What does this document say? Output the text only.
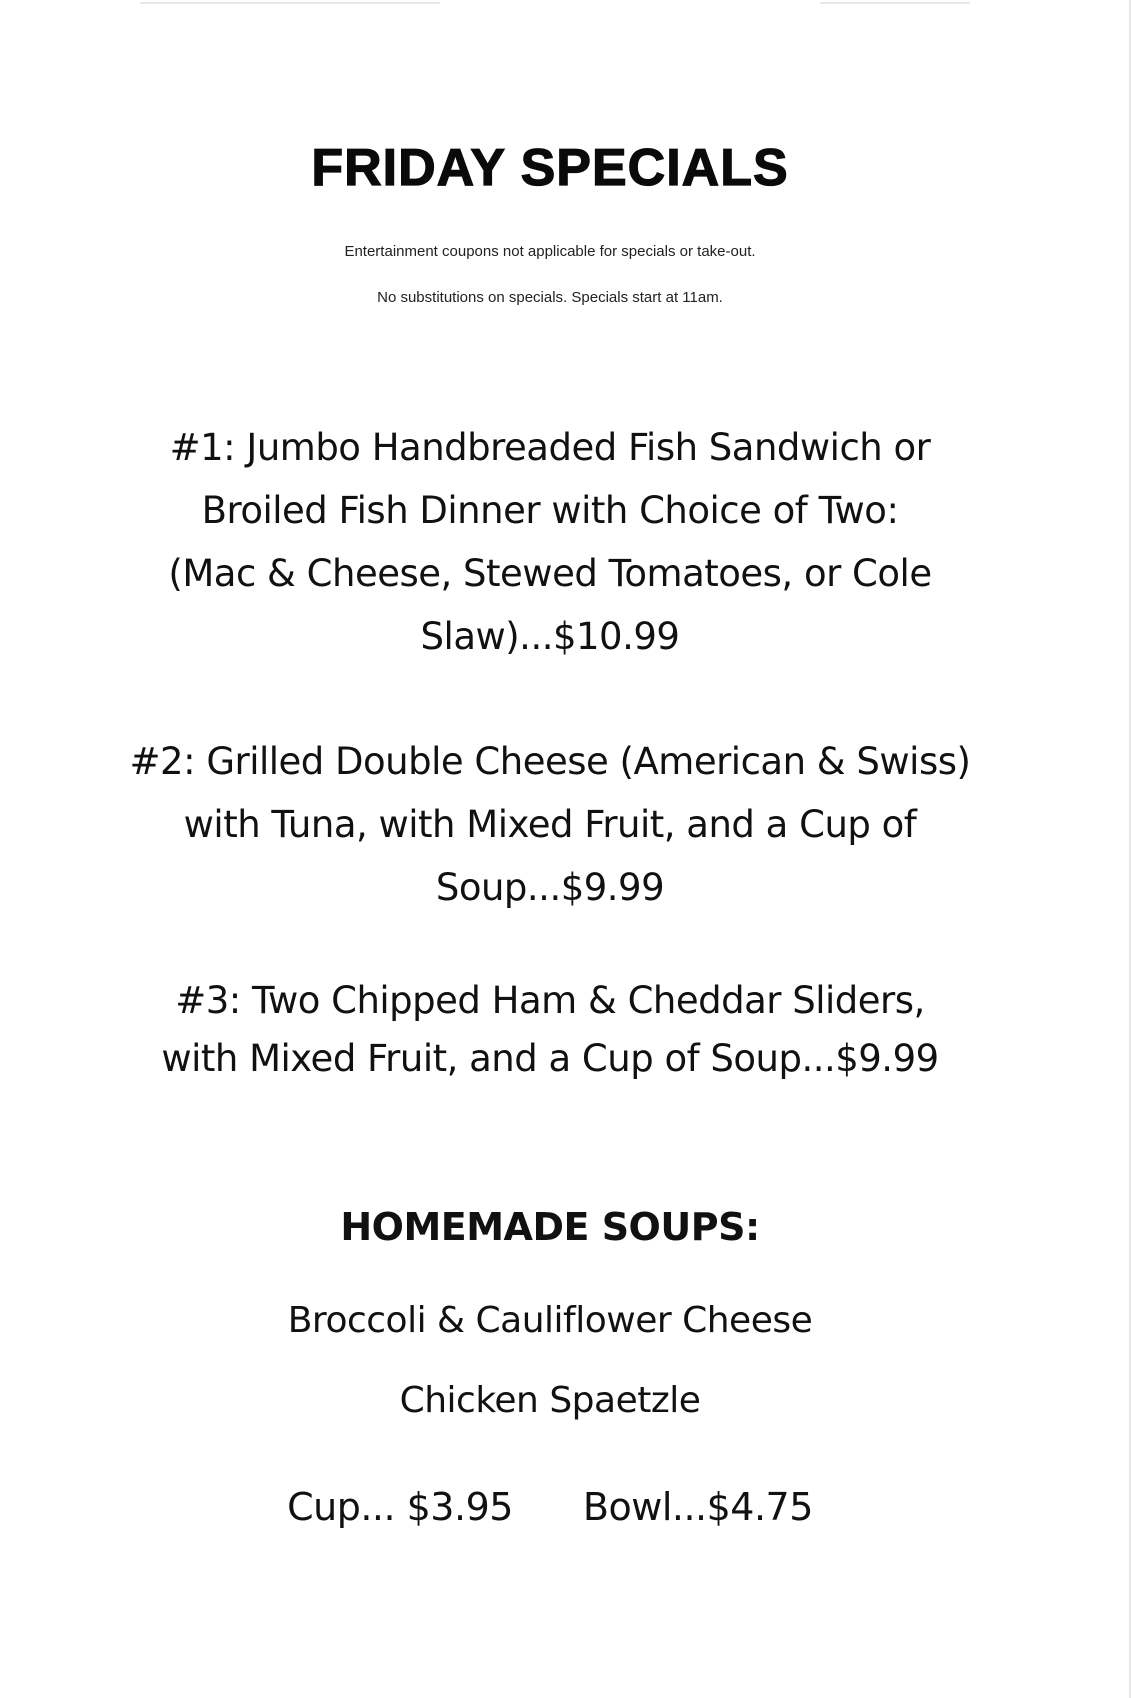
FRIDAY SPECIALS
Entertainment coupons not applicable for specials or take-out.
No substitutions on specials. Specials start at 11am.
#1: Jumbo Handbreaded Fish Sandwich or
Broiled Fish Dinner with Choice of Two:
(Mac & Cheese, Stewed Tomatoes, or Cole
Slaw)...$10.99
#2: Grilled Double Cheese (American & Swiss)
with Tuna, with Mixed Fruit, and a Cup of
Soup...$9.99
#3: Two Chipped Ham & Cheddar Sliders,
with Mixed Fruit, and a Cup of Soup...$9.99
HOMEMADE SOUPS:
Broccoli & Cauliflower Cheese
Chicken Spaetzle
Cup... $3.95 Bowl...$4.75
